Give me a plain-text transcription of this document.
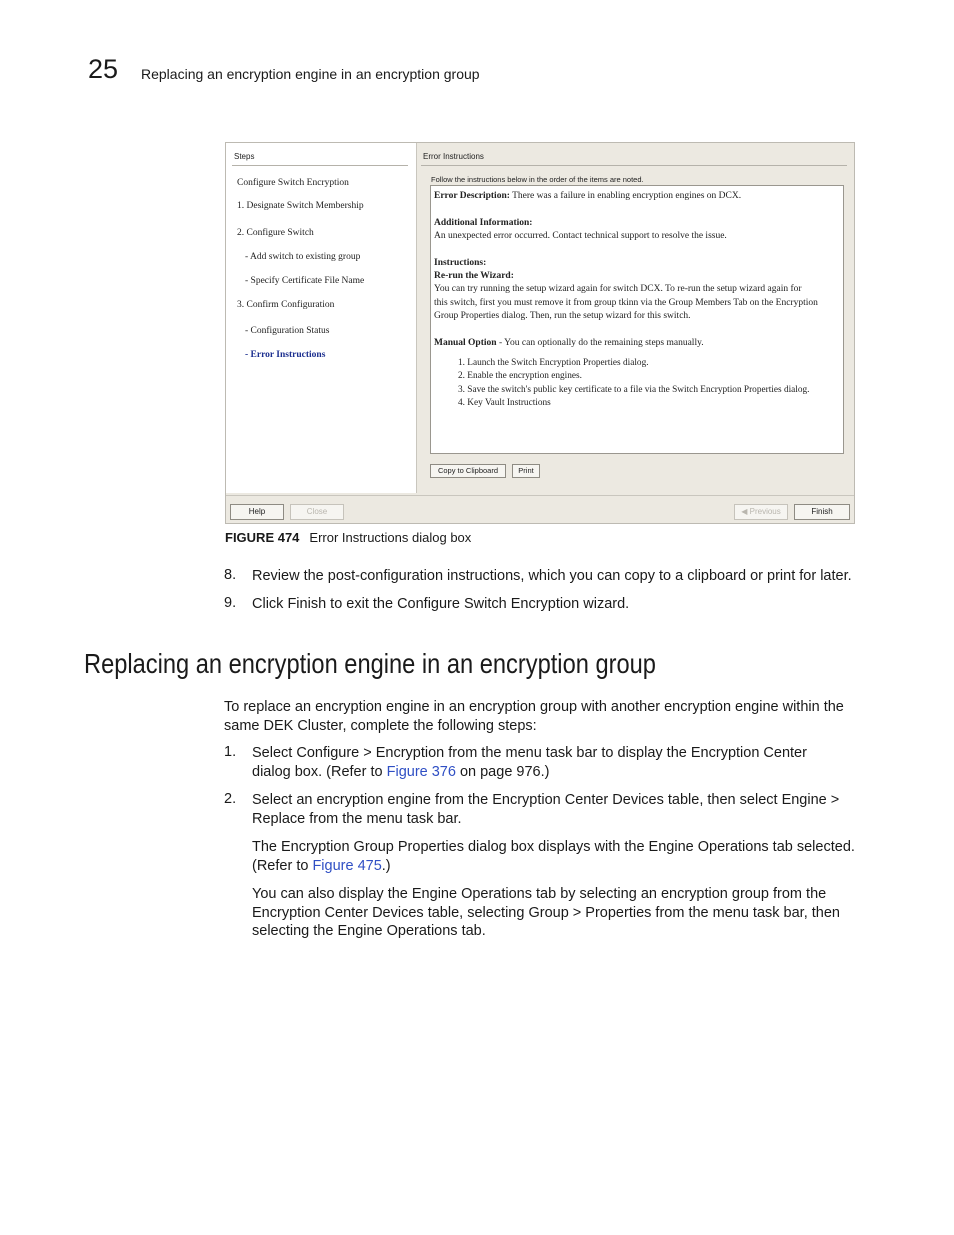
25 Replacing an encryption engine in an encryption group
Steps
Configure Switch Encryption
1. Designate Switch Membership
2. Configure Switch
- Add switch to existing group
- Specify Certificate File Name
3. Confirm Configuration
- Configuration Status
- Error Instructions
Error Instructions
Follow the instructions below in the order of the items are noted.
Error Description: There was a failure in enabling encryption engines on DCX.
Additional Information:
An unexpected error occurred. Contact technical support to resolve the issue.
Instructions:
Re-run the Wizard:
You can try running the setup wizard again for switch DCX. To re-run the setup wizard again for
this switch, first you must remove it from group tkinn via the Group Members Tab on the Encryption
Group Properties dialog. Then, run the setup wizard for this switch.
Manual Option - You can optionally do the remaining steps manually.
1. Launch the Switch Encryption Properties dialog.
2. Enable the encryption engines.
3. Save the switch's public key certificate to a file via the Switch Encryption Properties dialog.
4. Key Vault Instructions
Copy to Clipboard	Print
Help	Close	◀ Previous	Finish
FIGURE 474 Error Instructions dialog box
8. Review the post-configuration instructions, which you can copy to a clipboard or print for later.
9. Click Finish to exit the Configure Switch Encryption wizard.
Replacing an encryption engine in an encryption group
To replace an encryption engine in an encryption group with another encryption engine within the same DEK Cluster, complete the following steps:
1. Select Configure > Encryption from the menu task bar to display the Encryption Center
dialog box. (Refer to Figure 376 on page 976.)
2. Select an encryption engine from the Encryption Center Devices table, then select Engine >
Replace from the menu task bar.
The Encryption Group Properties dialog box displays with the Engine Operations tab selected.
(Refer to Figure 475.)
You can also display the Engine Operations tab by selecting an encryption group from the
Encryption Center Devices table, selecting Group > Properties from the menu task bar, then
selecting the Engine Operations tab.
